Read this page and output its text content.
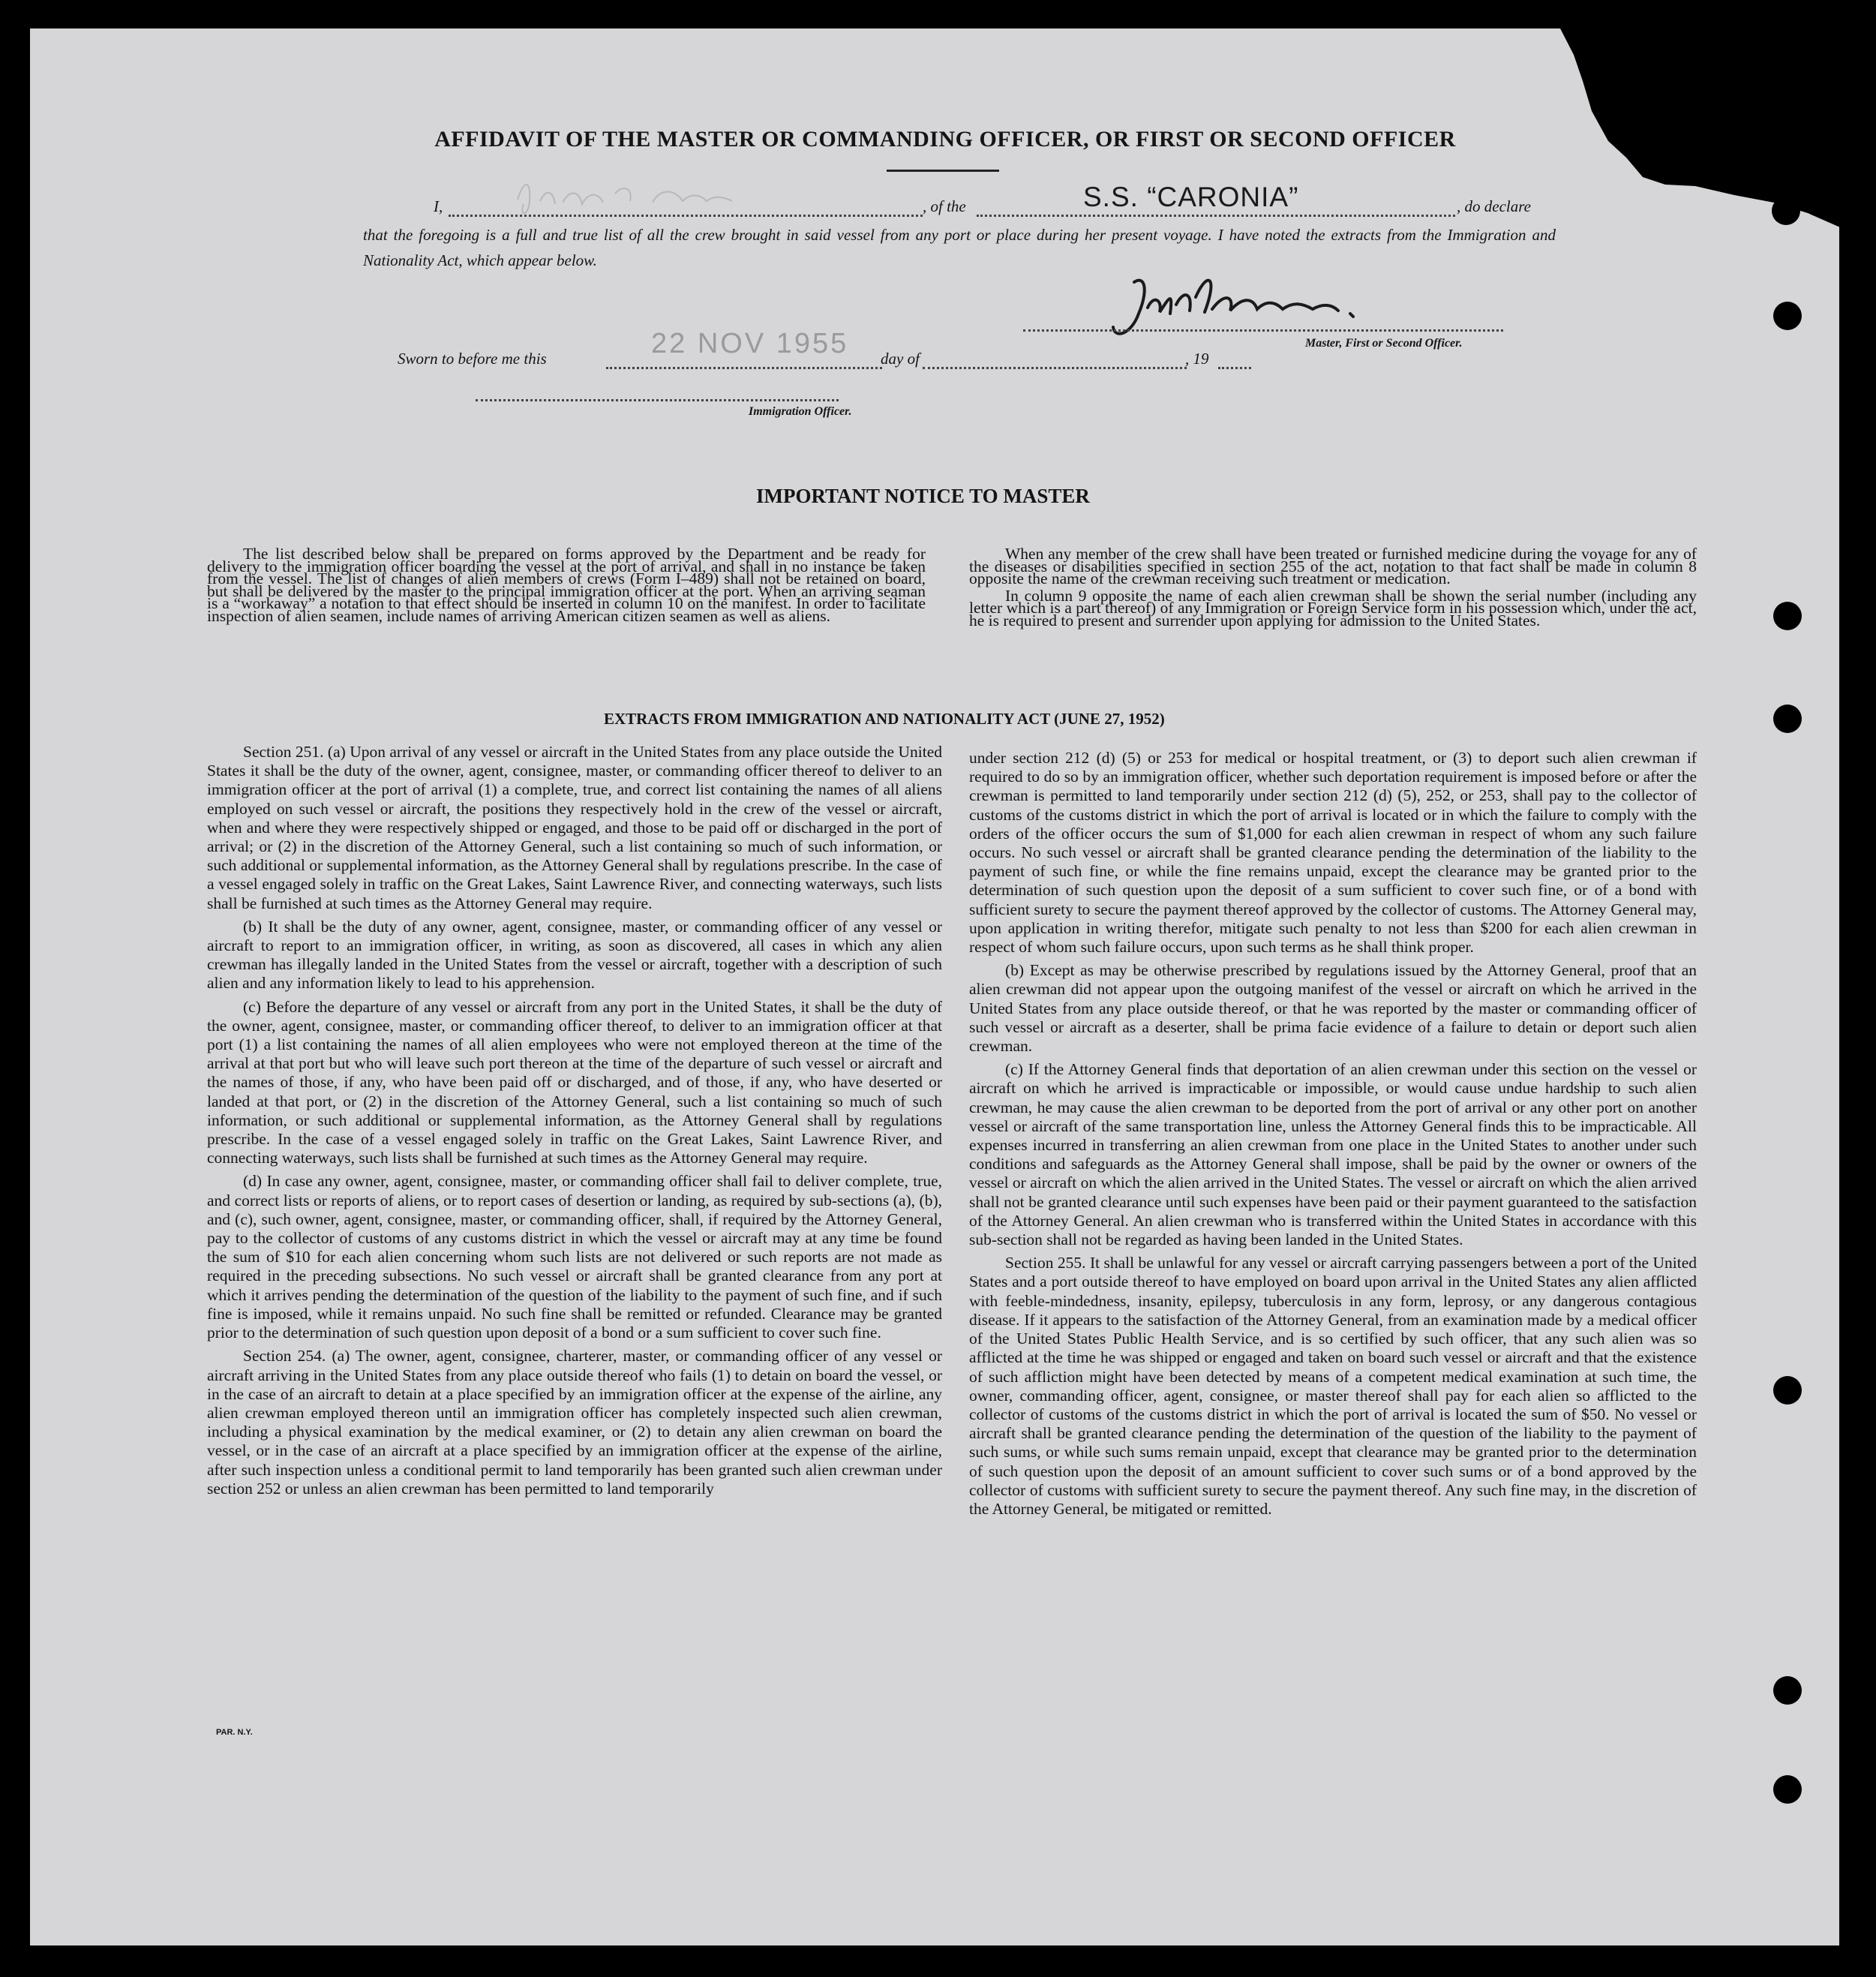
AFFIDAVIT OF THE MASTER OR COMMANDING OFFICER, OR FIRST OR SECOND OFFICER
I,	, of the	S.S. “CARONIA”	, do declare
that the foregoing is a full and true list of all the crew brought in said vessel from any port or place during her present voyage. I have noted the extracts from the Immigration and Nationality Act, which appear below.
Master, First or Second Officer.
Sworn to before me this	22 NOV 1955 day of	, 19
Immigration Officer.
IMPORTANT NOTICE TO MASTER

The list described below shall be prepared on forms approved by the Department and be ready for delivery to the immigration officer boarding the vessel at the port of arrival, and shall in no instance be taken from the vessel. The list of changes of alien members of crews (Form I–489) shall not be retained on board, but shall be delivered by the master to the principal immigration officer at the port. When an arriving seaman is a “workaway” a notation to that effect should be inserted in column 10 on the manifest. In order to facilitate inspection of alien seamen, include names of arriving American citizen seamen as well as aliens.

When any member of the crew shall have been treated or furnished medicine during the voyage for any of the diseases or disabilities specified in section 255 of the act, notation to that fact shall be made in column 8 opposite the name of the crewman receiving such treatment or medication.

In column 9 opposite the name of each alien crewman shall be shown the serial number (including any letter which is a part thereof) of any Immigration or Foreign Service form in his possession which, under the act, he is required to present and surrender upon applying for admission to the United States.

EXTRACTS FROM IMMIGRATION AND NATIONALITY ACT (JUNE 27, 1952)

Section 251. (a) Upon arrival of any vessel or aircraft in the United States from any place outside the United States it shall be the duty of the owner, agent, consignee, master, or commanding officer thereof to deliver to an immigration officer at the port of arrival (1) a complete, true, and correct list containing the names of all aliens employed on such vessel or aircraft, the positions they respectively hold in the crew of the vessel or aircraft, when and where they were respectively shipped or engaged, and those to be paid off or discharged in the port of arrival; or (2) in the discretion of the Attorney General, such a list containing so much of such information, or such additional or supplemental information, as the Attorney General shall by regulations prescribe. In the case of a vessel engaged solely in traffic on the Great Lakes, Saint Lawrence River, and connecting waterways, such lists shall be furnished at such times as the Attorney General may require.

(b) It shall be the duty of any owner, agent, consignee, master, or commanding officer of any vessel or aircraft to report to an immigration officer, in writing, as soon as discovered, all cases in which any alien crewman has illegally landed in the United States from the vessel or aircraft, together with a description of such alien and any information likely to lead to his apprehension.

(c) Before the departure of any vessel or aircraft from any port in the United States, it shall be the duty of the owner, agent, consignee, master, or commanding officer thereof, to deliver to an immigration officer at that port (1) a list containing the names of all alien employees who were not employed thereon at the time of the arrival at that port but who will leave such port thereon at the time of the departure of such vessel or aircraft and the names of those, if any, who have been paid off or discharged, and of those, if any, who have deserted or landed at that port, or (2) in the discretion of the Attorney General, such a list containing so much of such information, or such additional or supplemental information, as the Attorney General shall by regulations prescribe. In the case of a vessel engaged solely in traffic on the Great Lakes, Saint Lawrence River, and connecting waterways, such lists shall be furnished at such times as the Attorney General may require.

(d) In case any owner, agent, consignee, master, or commanding officer shall fail to deliver complete, true, and correct lists or reports of aliens, or to report cases of desertion or landing, as required by sub-sections (a), (b), and (c), such owner, agent, consignee, master, or commanding officer, shall, if required by the Attorney General, pay to the collector of customs of any customs district in which the vessel or aircraft may at any time be found the sum of $10 for each alien concerning whom such lists are not delivered or such reports are not made as required in the preceding subsections. No such vessel or aircraft shall be granted clearance from any port at which it arrives pending the determination of the question of the liability to the payment of such fine, and if such fine is imposed, while it remains unpaid. No such fine shall be remitted or refunded. Clearance may be granted prior to the determination of such question upon deposit of a bond or a sum sufficient to cover such fine.

Section 254. (a) The owner, agent, consignee, charterer, master, or commanding officer of any vessel or aircraft arriving in the United States from any place outside thereof who fails (1) to detain on board the vessel, or in the case of an aircraft to detain at a place specified by an immigration officer at the expense of the airline, any alien crewman employed thereon until an immigration officer has completely inspected such alien crewman, including a physical examination by the medical examiner, or (2) to detain any alien crewman on board the vessel, or in the case of an aircraft at a place specified by an immigration officer at the expense of the airline, after such inspection unless a conditional permit to land temporarily has been granted such alien crewman under section 252 or unless an alien crewman has been permitted to land temporarily

under section 212 (d) (5) or 253 for medical or hospital treatment, or (3) to deport such alien crewman if required to do so by an immigration officer, whether such deportation requirement is imposed before or after the crewman is permitted to land temporarily under section 212 (d) (5), 252, or 253, shall pay to the collector of customs of the customs district in which the port of arrival is located or in which the failure to comply with the orders of the officer occurs the sum of $1,000 for each alien crewman in respect of whom any such failure occurs. No such vessel or aircraft shall be granted clearance pending the determination of the liability to the payment of such fine, or while the fine remains unpaid, except the clearance may be granted prior to the determination of such question upon the deposit of a sum sufficient to cover such fine, or of a bond with sufficient surety to secure the payment thereof approved by the collector of customs. The Attorney General may, upon application in writing therefor, mitigate such penalty to not less than $200 for each alien crewman in respect of whom such failure occurs, upon such terms as he shall think proper.

(b) Except as may be otherwise prescribed by regulations issued by the Attorney General, proof that an alien crewman did not appear upon the outgoing manifest of the vessel or aircraft on which he arrived in the United States from any place outside thereof, or that he was reported by the master or commanding officer of such vessel or aircraft as a deserter, shall be prima facie evidence of a failure to detain or deport such alien crewman.

(c) If the Attorney General finds that deportation of an alien crewman under this section on the vessel or aircraft on which he arrived is impracticable or impossible, or would cause undue hardship to such alien crewman, he may cause the alien crewman to be deported from the port of arrival or any other port on another vessel or aircraft of the same transportation line, unless the Attorney General finds this to be impracticable. All expenses incurred in transferring an alien crewman from one place in the United States to another under such conditions and safeguards as the Attorney General shall impose, shall be paid by the owner or owners of the vessel or aircraft on which the alien arrived in the United States. The vessel or aircraft on which the alien arrived shall not be granted clearance until such expenses have been paid or their payment guaranteed to the satisfaction of the Attorney General. An alien crewman who is transferred within the United States in accordance with this sub-section shall not be regarded as having been landed in the United States.

Section 255. It shall be unlawful for any vessel or aircraft carrying passengers between a port of the United States and a port outside thereof to have employed on board upon arrival in the United States any alien afflicted with feeble-mindedness, insanity, epilepsy, tuberculosis in any form, leprosy, or any dangerous contagious disease. If it appears to the satisfaction of the Attorney General, from an examination made by a medical officer of the United States Public Health Service, and is so certified by such officer, that any such alien was so afflicted at the time he was shipped or engaged and taken on board such vessel or aircraft and that the existence of such affliction might have been detected by means of a competent medical examination at such time, the owner, commanding officer, agent, consignee, or master thereof shall pay for each alien so afflicted to the collector of customs of the customs district in which the port of arrival is located the sum of $50. No vessel or aircraft shall be granted clearance pending the determination of the question of the liability to the payment of such sums, or while such sums remain unpaid, except that clearance may be granted prior to the determination of such question upon the deposit of an amount sufficient to cover such sums or of a bond approved by the collector of customs with sufficient surety to secure the payment thereof. Any such fine may, in the discretion of the Attorney General, be mitigated or remitted.

PAR. N.Y.
